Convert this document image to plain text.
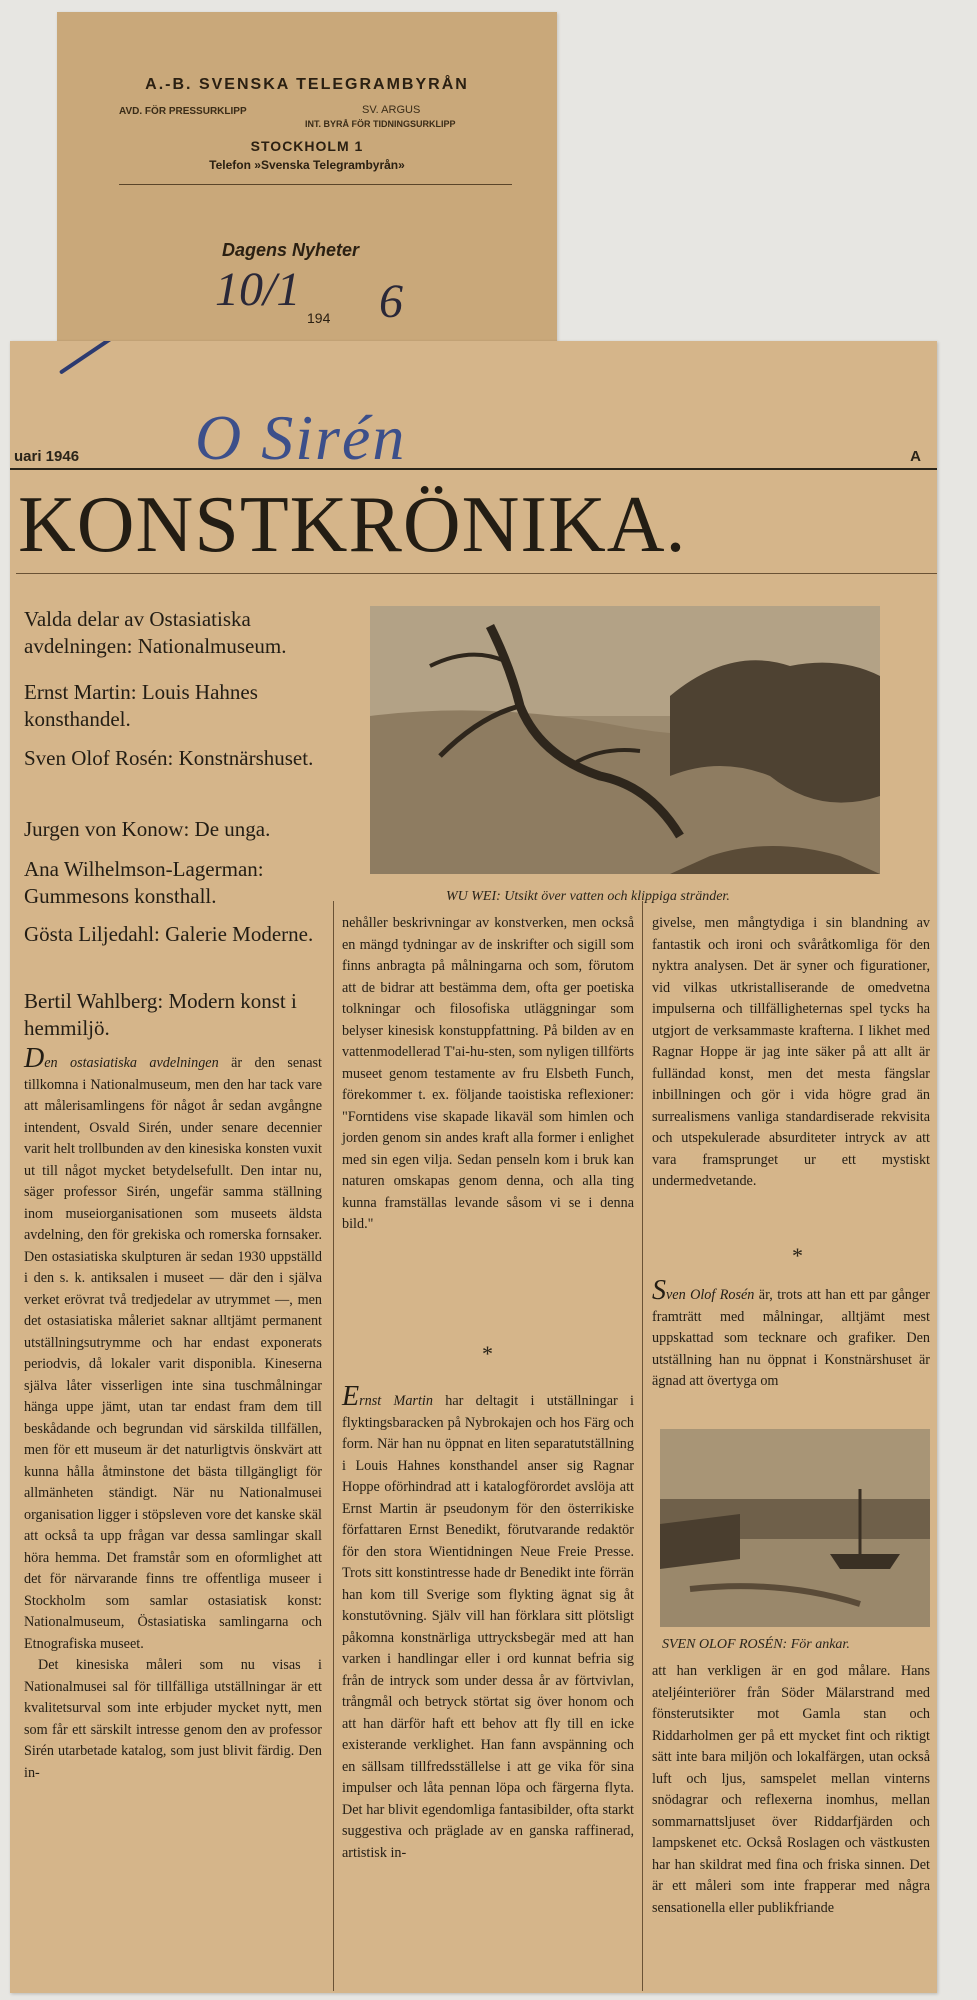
A.-B. SVENSKA TELEGRAMBYRÅN
AVD. FÖR PRESSURKLIPP	SV. ARGUS
INT. BYRÅ FÖR TIDNINGSURKLIPP
STOCKHOLM 1
Telefon »Svenska Telegrambyrån»
Dagens Nyheter
10/1
194 6
uari 1946	A
O Sirén
KONSTKRÖNIKA.
Valda delar av Ostasiatiska avdelningen: Nationalmuseum.
Ernst Martin: Louis Hahnes konsthandel.
Sven Olof Rosén: Konstnärshuset.
Jurgen von Konow: De unga.
Ana Wilhelmson-Lagerman: Gummesons konsthall.
Gösta Liljedahl: Galerie Moderne.
Bertil Wahlberg: Modern konst i hemmiljö.
WU WEI: Utsikt över vatten och klippiga stränder.

Den ostasiatiska avdelningen är den senast tillkomna i Nationalmuseum, men den har tack vare att målerisamlingens för något år sedan avgångne intendent, Osvald Sirén, under senare decennier varit helt trollbunden av den kinesiska konsten vuxit ut till något mycket betydelsefullt. Den intar nu, säger professor Sirén, ungefär samma ställning inom museiorganisationen som museets äldsta avdelning, den för grekiska och romerska fornsaker. Den ostasiatiska skulpturen är sedan 1930 uppställd i den s. k. antiksalen i museet — där den i själva verket erövrat två tredjedelar av utrymmet —, men det ostasiatiska måleriet saknar alltjämt permanent utställningsutrymme och har endast exponerats periodvis, då lokaler varit disponibla. Kineserna själva låter visserligen inte sina tuschmålningar hänga uppe jämt, utan tar endast fram dem till beskådande och begrundan vid särskilda tillfällen, men för ett museum är det naturligtvis önskvärt att kunna hålla åtminstone det bästa tillgängligt för allmänheten ständigt. När nu Nationalmusei organisation ligger i stöpsleven vore det kanske skäl att också ta upp frågan var dessa samlingar skall höra hemma. Det framstår som en oformlighet att det för närvarande finns tre offentliga museer i Stockholm som samlar ostasiatisk konst: Nationalmuseum, Östasiatiska samlingarna och Etnografiska museet.

Det kinesiska måleri som nu visas i Nationalmusei sal för tillfälliga utställningar är ett kvalitetsurval som inte erbjuder mycket nytt, men som får ett särskilt intresse genom den av professor Sirén utarbetade katalog, som just blivit färdig. Den in-

nehåller beskrivningar av konstverken, men också en mängd tydningar av de inskrifter och sigill som finns anbragta på målningarna och som, förutom att de bidrar att bestämma dem, ofta ger poetiska tolkningar och filosofiska utläggningar som belyser kinesisk konstuppfattning. På bilden av en vattenmodellerad T'ai-hu-sten, som nyligen tillförts museet genom testamente av fru Elsbeth Funch, förekommer t. ex. följande taoistiska reflexioner: "Forntidens vise skapade likaväl som himlen och jorden genom sin andes kraft alla former i enlighet med sin egen vilja. Sedan penseln kom i bruk kan naturen omskapas genom denna, och alla ting kunna framställas levande såsom vi se i denna bild."

*

Ernst Martin har deltagit i utställningar i flyktingsbaracken på Nybrokajen och hos Färg och form. När han nu öppnat en liten separatutställning i Louis Hahnes konsthandel anser sig Ragnar Hoppe oförhindrad att i katalogförordet avslöja att Ernst Martin är pseudonym för den österrikiske författaren Ernst Benedikt, förutvarande redaktör för den stora Wientidningen Neue Freie Presse. Trots sitt konstintresse hade dr Benedikt inte förrän han kom till Sverige som flykting ägnat sig åt konstutövning. Själv vill han förklara sitt plötsligt påkomna konstnärliga uttrycksbegär med att han varken i handlingar eller i ord kunnat befria sig från de intryck som under dessa år av förtvivlan, trångmål och betryck störtat sig över honom och att han därför haft ett behov att fly till en icke existerande verklighet. Han fann avspänning och en sällsam tillfredsställelse i att ge vika för sina impulser och låta pennan löpa och färgerna flyta. Det har blivit egendomliga fantasibilder, ofta starkt suggestiva och präglade av en ganska raffinerad, artistisk in-

givelse, men mångtydiga i sin blandning av fantastik och ironi och svåråtkomliga för den nyktra analysen. Det är syner och figurationer, vid vilkas utkristalliserande de omedvetna impulserna och tillfälligheternas spel tycks ha utgjort de verksammaste krafterna. I likhet med Ragnar Hoppe är jag inte säker på att allt är fulländad konst, men det mesta fängslar inbillningen och gör i vida högre grad än surrealismens vanliga standardiserade rekvisita och utspekulerade absurditeter intryck av att vara framsprunget ur ett mystiskt undermedvetande.

*

Sven Olof Rosén är, trots att han ett par gånger framträtt med målningar, alltjämt mest uppskattad som tecknare och grafiker. Den utställning han nu öppnat i Konstnärshuset är ägnad att övertyga om

SVEN OLOF ROSÉN: För ankar.

att han verkligen är en god målare. Hans ateljéinteriörer från Söder Mälarstrand med fönsterutsikter mot Gamla stan och Riddarholmen ger på ett mycket fint och riktigt sätt inte bara miljön och lokalfärgen, utan också luft och ljus, samspelet mellan vinterns snödagrar och reflexerna inomhus, mellan sommarnattsljuset över Riddarfjärden och lampskenet etc. Också Roslagen och västkusten har han skildrat med fina och friska sinnen. Det är ett måleri som inte frapperar med några sensationella eller publikfriande
